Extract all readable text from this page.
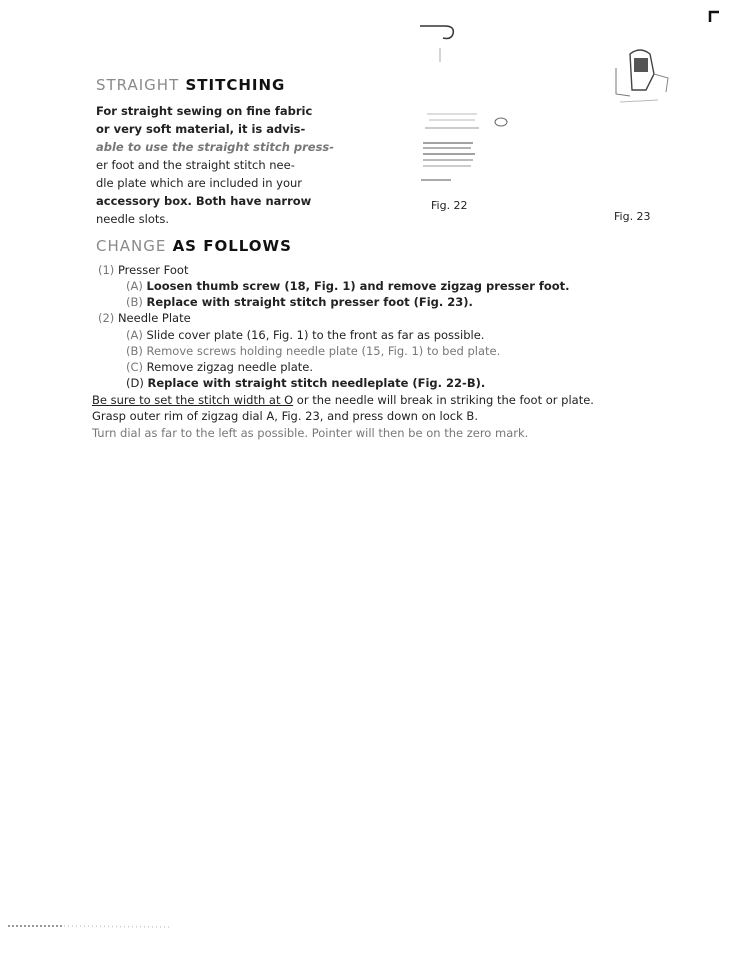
STRAIGHT STITCHING
For straight sewing on fine fabric
or very soft material, it is advis-
able to use the straight stitch press-
er foot and the straight stitch nee-
dle plate which are included in your
accessory box. Both have narrow
needle slots.
Fig. 22
Fig. 23
CHANGE AS FOLLOWS
(1) Presser Foot
(A) Loosen thumb screw (18, Fig. 1) and remove zigzag presser foot.
(B) Replace with straight stitch presser foot (Fig. 23).
(2) Needle Plate
(A) Slide cover plate (16, Fig. 1) to the front as far as possible.
(B) Remove screws holding needle plate (15, Fig. 1) to bed plate.
(C) Remove zigzag needle plate.
(D) Replace with straight stitch needleplate (Fig. 22-B).
Be sure to set the stitch width at O or the needle will break in striking the foot or plate.
Grasp outer rim of zigzag dial A, Fig. 23, and press down on lock B.
Turn dial as far to the left as possible. Pointer will then be on the zero mark.
